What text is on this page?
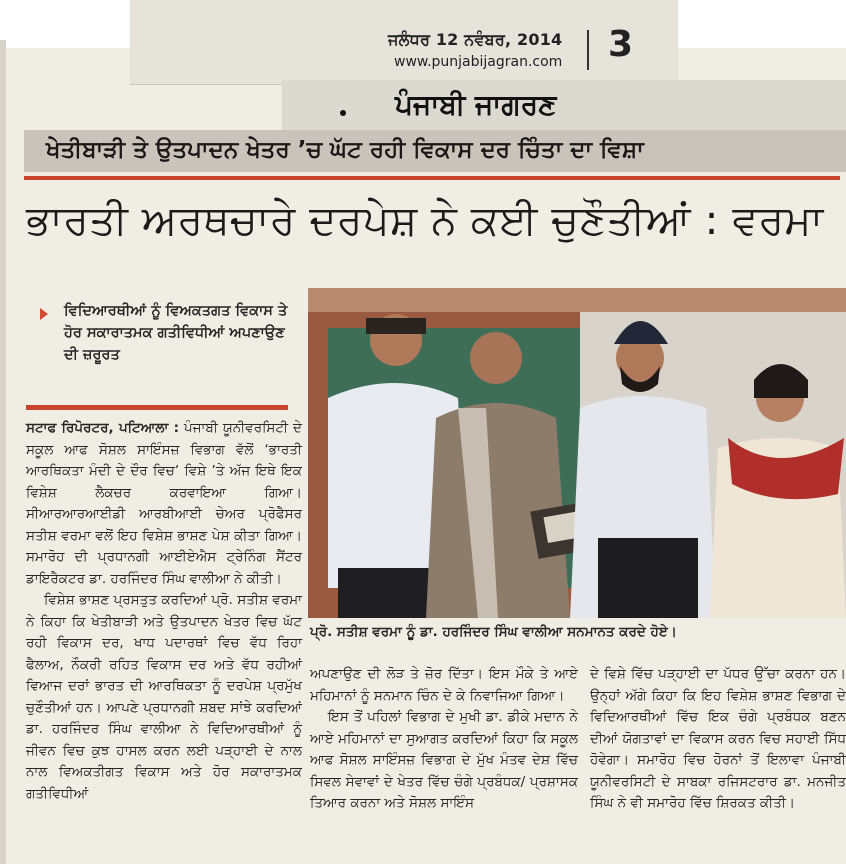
ਜਲੰਧਰ 12 ਨਵੰਬਰ, 2014
www.punjabijagran.com 3
ਪੰਜਾਬੀ ਜਾਗਰਣ
ਖੇਤੀਬਾੜੀ ਤੇ ਉਤਪਾਦਨ ਖੇਤਰ ’ਚ ਘੱਟ ਰਹੀ ਵਿਕਾਸ ਦਰ ਚਿੰਤਾ ਦਾ ਵਿਸ਼ਾ
ਭਾਰਤੀ ਅਰਥਚਾਰੇ ਦਰਪੇਸ਼ ਨੇ ਕਈ ਚੁਣੌਤੀਆਂ : ਵਰਮਾ

ਵਿਦਿਆਰਥੀਆਂ ਨੂੰ ਵਿਅਕਤਗਤ ਵਿਕਾਸ ਤੇ ਹੋਰ ਸਕਾਰਾਤਮਕ ਗਤੀਵਿਧੀਆਂ ਅਪਣਾਉਣ ਦੀ ਜ਼ਰੂਰਤ

ਸਟਾਫ ਰਿਪੋਰਟਰ, ਪਟਿਆਲਾ : ਪੰਜਾਬੀ ਯੂਨੀਵਰਸਿਟੀ ਦੇ ਸਕੂਲ ਆਫ ਸੋਸ਼ਲ ਸਾਇੰਸਜ਼ ਵਿਭਾਗ ਵੱਲੋਂ ‘ਭਾਰਤੀ ਆਰਥਿਕਤਾ ਮੰਦੀ ਦੇ ਦੌਰ ਵਿਚ’ ਵਿਸ਼ੇ ’ਤੇ ਅੱਜ ਇਥੇ ਇਕ ਵਿਸ਼ੇਸ਼ ਲੈਕਚਰ ਕਰਵਾਇਆ ਗਿਆ। ਸੀਆਰਆਰਆਈਡੀ ਆਰਬੀਆਈ ਚੇਅਰ ਪ੍ਰੋਫੈਸਰ ਸਤੀਸ਼ ਵਰਮਾ ਵਲੋਂ ਇਹ ਵਿਸ਼ੇਸ਼ ਭਾਸ਼ਣ ਪੇਸ਼ ਕੀਤਾ ਗਿਆ। ਸਮਾਰੋਹ ਦੀ ਪ੍ਰਧਾਨਗੀ ਆਈਏਐਸ ਟ੍ਰੇਨਿੰਗ ਸੈਂਟਰ ਡਾਇਰੈਕਟਰ ਡਾ. ਹਰਜਿੰਦਰ ਸਿੰਘ ਵਾਲੀਆ ਨੇ ਕੀਤੀ।

ਵਿਸ਼ੇਸ਼ ਭਾਸ਼ਣ ਪ੍ਰਸਤੁਤ ਕਰਦਿਆਂ ਪ੍ਰੋ. ਸਤੀਸ਼ ਵਰਮਾ ਨੇ ਕਿਹਾ ਕਿ ਖੇਤੀਬਾੜੀ ਅਤੇ ਉਤਪਾਦਨ ਖੇਤਰ ਵਿਚ ਘੱਟ ਰਹੀ ਵਿਕਾਸ ਦਰ, ਖਾਧ ਪਦਾਰਥਾਂ ਵਿਚ ਵੱਧ ਰਿਹਾ ਫੈਲਾਅ, ਨੌਕਰੀ ਰਹਿਤ ਵਿਕਾਸ ਦਰ ਅਤੇ ਵੱਧ ਰਹੀਆਂ ਵਿਆਜ ਦਰਾਂ ਭਾਰਤ ਦੀ ਆਰਥਿਕਤਾ ਨੂੰ ਦਰਪੇਸ਼ ਪ੍ਰਮੁੱਖ ਚੁਣੌਤੀਆਂ ਹਨ। ਆਪਣੇ ਪ੍ਰਧਾਨਗੀ ਸ਼ਬਦ ਸਾਂਝੇ ਕਰਦਿਆਂ ਡਾ. ਹਰਜਿੰਦਰ ਸਿੰਘ ਵਾਲੀਆ ਨੇ ਵਿਦਿਆਰਥੀਆਂ ਨੂੰ ਜੀਵਨ ਵਿਚ ਕੁਝ ਹਾਸਲ ਕਰਨ ਲਈ ਪੜ੍ਹਾਈ ਦੇ ਨਾਲ ਨਾਲ ਵਿਅਕਤੀਗਤ ਵਿਕਾਸ ਅਤੇ ਹੋਰ ਸਕਾਰਾਤਮਕ ਗਤੀਵਿਧੀਆਂ

ਪ੍ਰੋ. ਸਤੀਸ਼ ਵਰਮਾ ਨੂੰ ਡਾ. ਹਰਜਿੰਦਰ ਸਿੰਘ ਵਾਲੀਆ ਸਨਮਾਨਤ ਕਰਦੇ ਹੋਏ।

ਅਪਣਾਉਣ ਦੀ ਲੋੜ ਤੇ ਜ਼ੋਰ ਦਿੱਤਾ। ਇਸ ਮੌਕੇ ਤੇ ਆਏ ਮਹਿਮਾਨਾਂ ਨੂੰ ਸਨਮਾਨ ਚਿੰਨ ਦੇ ਕੇ ਨਿਵਾਜਿਆ ਗਿਆ।

ਇਸ ਤੋਂ ਪਹਿਲਾਂ ਵਿਭਾਗ ਦੇ ਮੁਖੀ ਡਾ. ਡੀਕੇ ਮਦਾਨ ਨੇ ਆਏ ਮਹਿਮਾਨਾਂ ਦਾ ਸੁਆਗਤ ਕਰਦਿਆਂ ਕਿਹਾ ਕਿ ਸਕੂਲ ਆਫ ਸੋਸ਼ਲ ਸਾਇੰਸਜ਼ ਵਿਭਾਗ ਦੇ ਮੁੱਖ ਮੰਤਵ ਦੇਸ਼ ਵਿੱਚ ਸਿਵਲ ਸੇਵਾਵਾਂ ਦੇ ਖੇਤਰ ਵਿੱਚ ਚੰਗੇ ਪ੍ਰਬੰਧਕ/ ਪ੍ਰਸ਼ਾਸਕ ਤਿਆਰ ਕਰਨਾ ਅਤੇ ਸੋਸ਼ਲ ਸਾਇੰਸ

ਦੇ ਵਿਸ਼ੇ ਵਿੱਚ ਪੜ੍ਹਾਈ ਦਾ ਪੱਧਰ ਉੱਚਾ ਕਰਨਾ ਹਨ। ਉਨ੍ਹਾਂ ਅੱਗੇ ਕਿਹਾ ਕਿ ਇਹ ਵਿਸ਼ੇਸ਼ ਭਾਸ਼ਣ ਵਿਭਾਗ ਦੇ ਵਿਦਿਆਰਥੀਆਂ ਵਿੱਚ ਇਕ ਚੰਗੇ ਪ੍ਰਬੰਧਕ ਬਣਨ ਦੀਆਂ ਯੋਗਤਾਵਾਂ ਦਾ ਵਿਕਾਸ ਕਰਨ ਵਿਚ ਸਹਾਈ ਸਿੱਧ ਹੋਵੇਗਾ। ਸਮਾਰੋਹ ਵਿਚ ਹੋਰਨਾਂ ਤੋਂ ਇਲਾਵਾ ਪੰਜਾਬੀ ਯੂਨੀਵਰਸਿਟੀ ਦੇ ਸਾਬਕਾ ਰਜਿਸਟਰਾਰ ਡਾ. ਮਨਜੀਤ ਸਿੰਘ ਨੇ ਵੀ ਸਮਾਰੋਹ ਵਿੱਚ ਸ਼ਿਰਕਤ ਕੀਤੀ।
